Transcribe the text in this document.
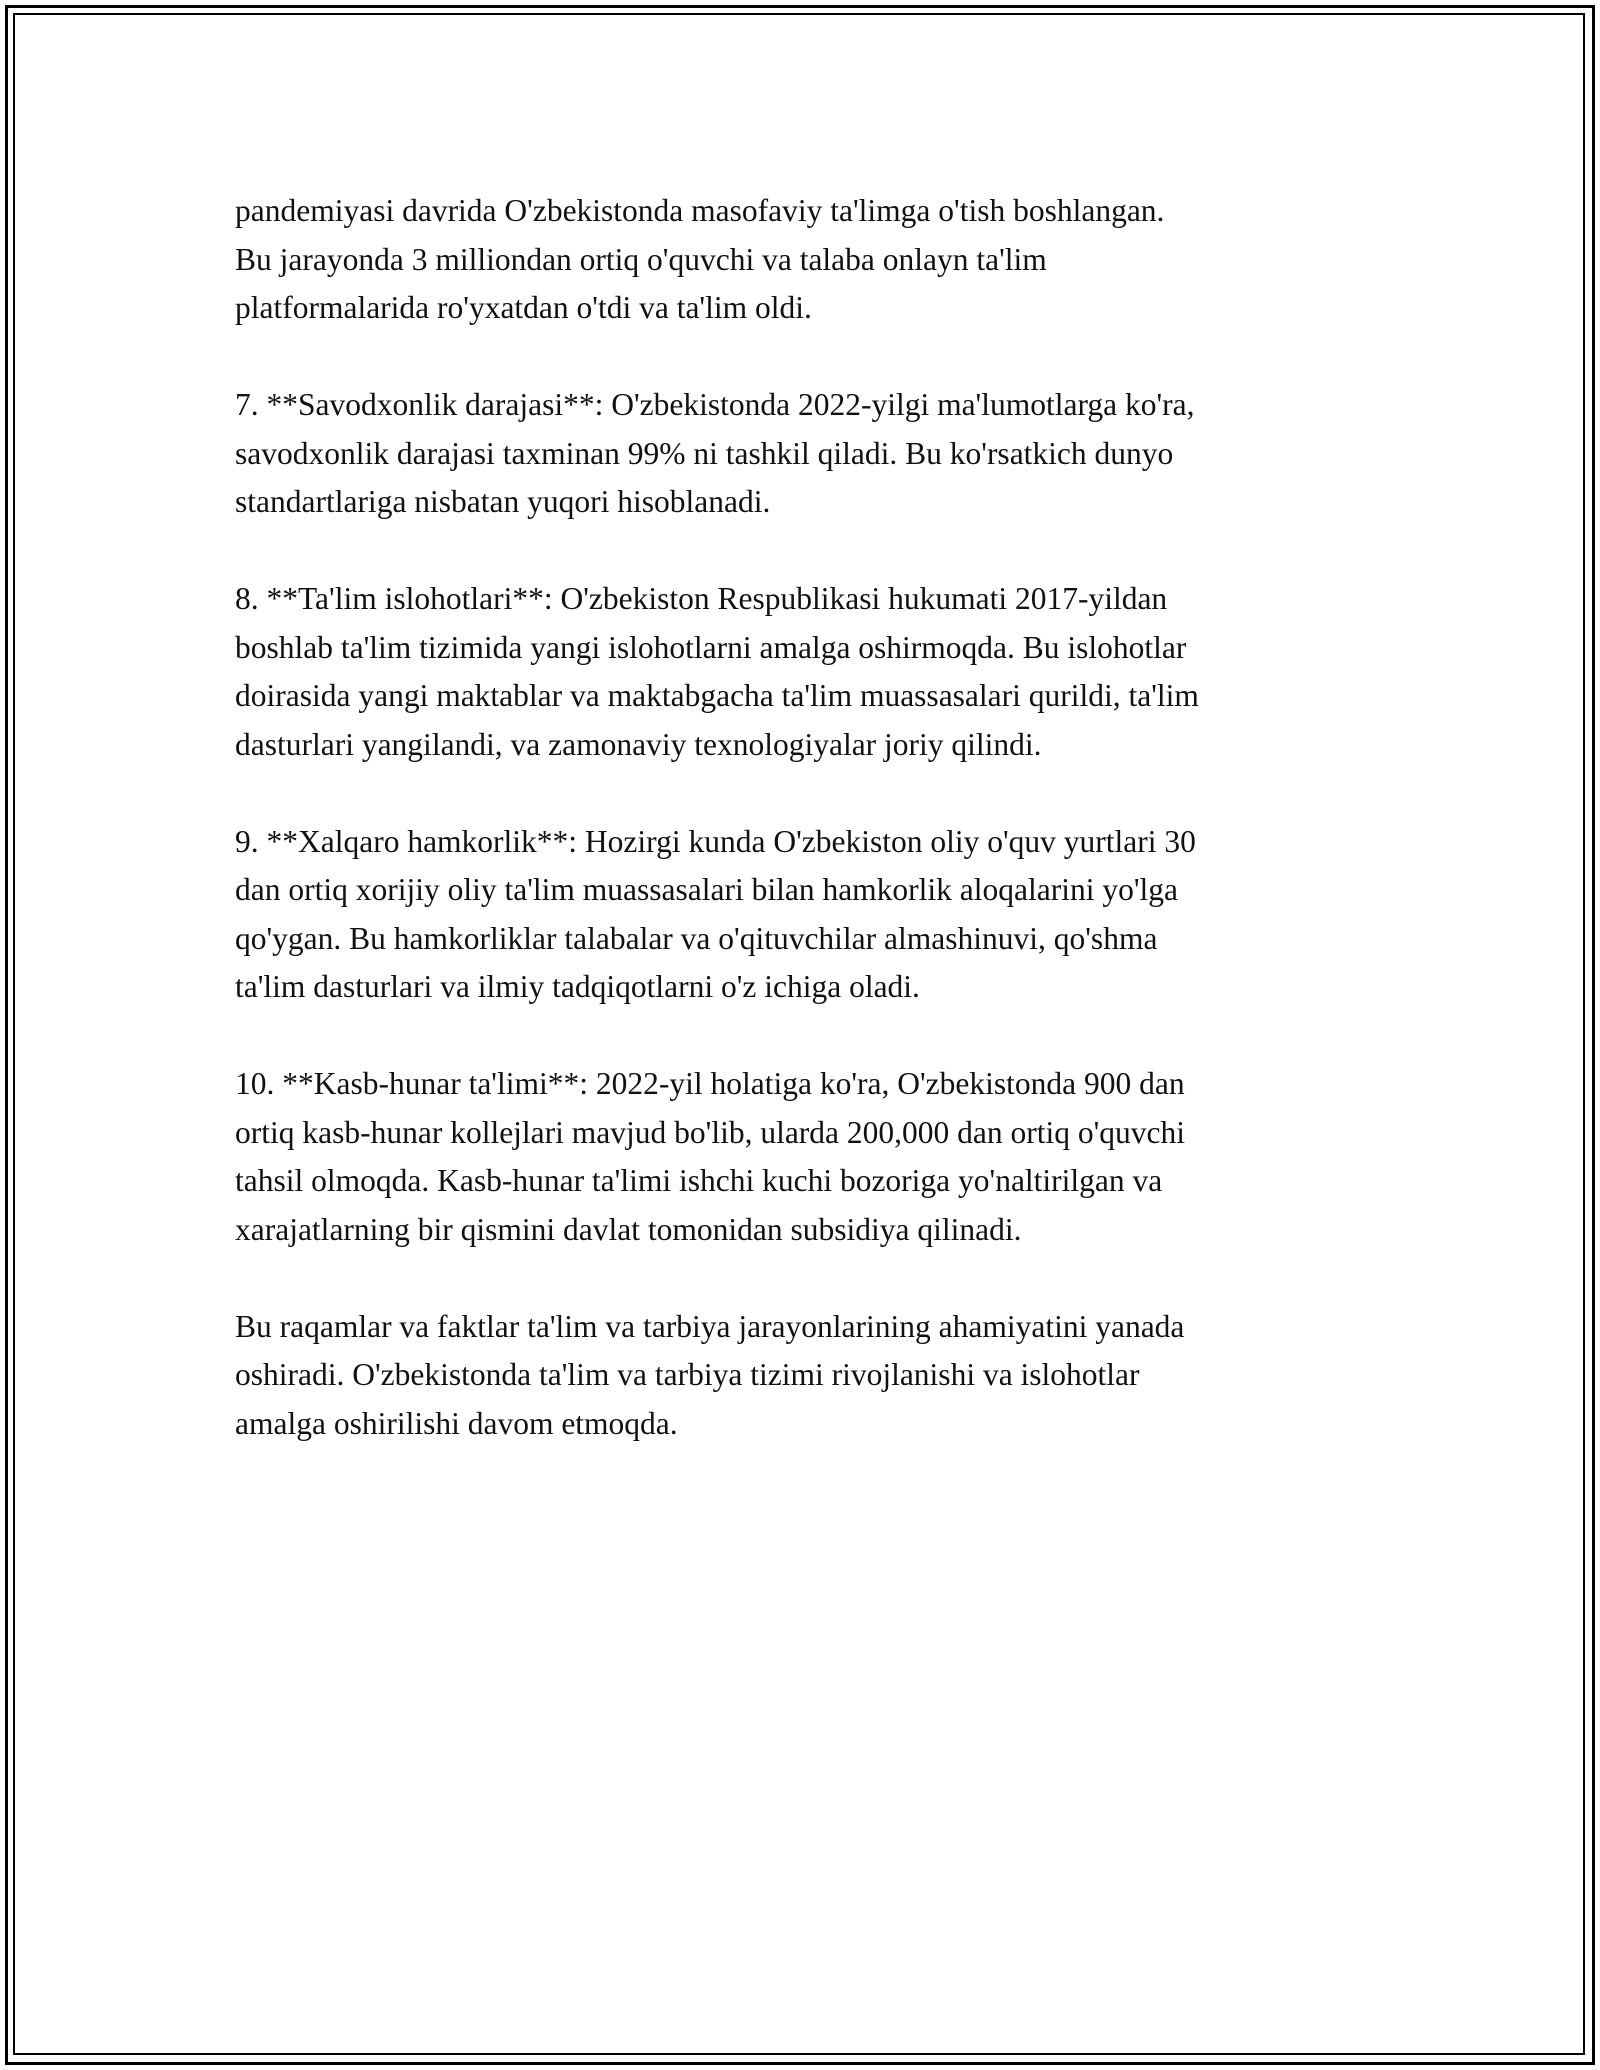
pandemiyasi davrida O'zbekistonda masofaviy ta'limga o'tish boshlangan.
Bu jarayonda 3 milliondan ortiq o'quvchi va talaba onlayn ta'lim
platformalarida ro'yxatdan o'tdi va ta'lim oldi.

7. **Savodxonlik darajasi**: O'zbekistonda 2022-yilgi ma'lumotlarga ko'ra,
savodxonlik darajasi taxminan 99% ni tashkil qiladi. Bu ko'rsatkich dunyo
standartlariga nisbatan yuqori hisoblanadi.

8. **Ta'lim islohotlari**: O'zbekiston Respublikasi hukumati 2017-yildan
boshlab ta'lim tizimida yangi islohotlarni amalga oshirmoqda. Bu islohotlar
doirasida yangi maktablar va maktabgacha ta'lim muassasalari qurildi, ta'lim
dasturlari yangilandi, va zamonaviy texnologiyalar joriy qilindi.

9. **Xalqaro hamkorlik**: Hozirgi kunda O'zbekiston oliy o'quv yurtlari 30
dan ortiq xorijiy oliy ta'lim muassasalari bilan hamkorlik aloqalarini yo'lga
qo'ygan. Bu hamkorliklar talabalar va o'qituvchilar almashinuvi, qo'shma
ta'lim dasturlari va ilmiy tadqiqotlarni o'z ichiga oladi.

10. **Kasb-hunar ta'limi**: 2022-yil holatiga ko'ra, O'zbekistonda 900 dan
ortiq kasb-hunar kollejlari mavjud bo'lib, ularda 200,000 dan ortiq o'quvchi
tahsil olmoqda. Kasb-hunar ta'limi ishchi kuchi bozoriga yo'naltirilgan va
xarajatlarning bir qismini davlat tomonidan subsidiya qilinadi.

Bu raqamlar va faktlar ta'lim va tarbiya jarayonlarining ahamiyatini yanada
oshiradi. O'zbekistonda ta'lim va tarbiya tizimi rivojlanishi va islohotlar
amalga oshirilishi davom etmoqda.
